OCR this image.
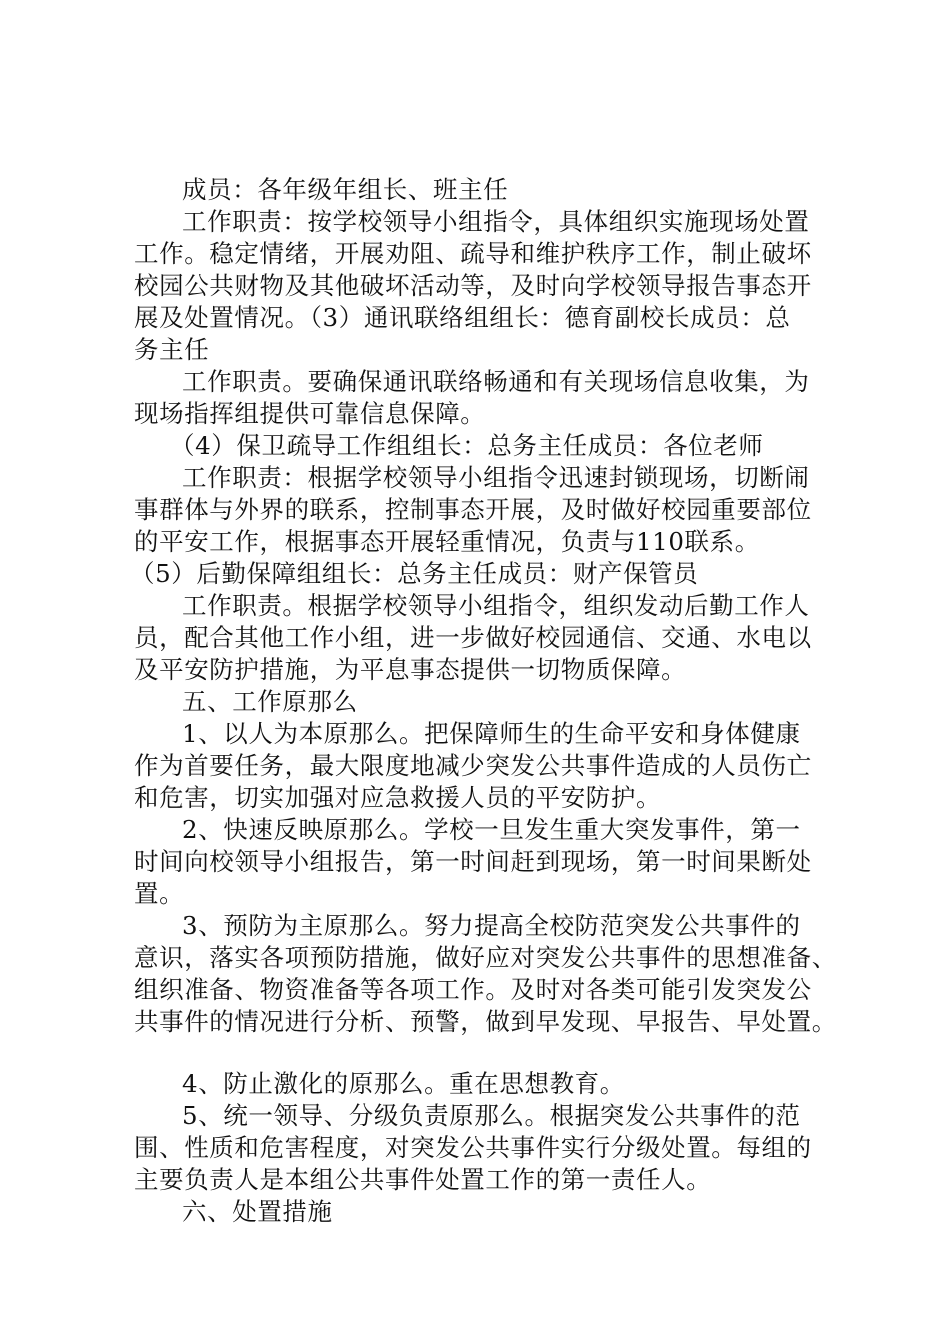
成员：各年级年组长、班主任
工作职责：按学校领导小组指令，具体组织实施现场处置
工作。稳定情绪，开展劝阻、疏导和维护秩序工作，制止破坏
校园公共财物及其他破坏活动等，及时向学校领导报告事态开
展及处置情况。（3）通讯联络组组长：德育副校长成员：总
务主任
工作职责。要确保通讯联络畅通和有关现场信息收集，为
现场指挥组提供可靠信息保障。
（4）保卫疏导工作组组长：总务主任成员：各位老师
工作职责：根据学校领导小组指令迅速封锁现场，切断闹
事群体与外界的联系，控制事态开展，及时做好校园重要部位
的平安工作，根据事态开展轻重情况，负责与110联系。
（5）后勤保障组组长：总务主任成员：财产保管员
工作职责。根据学校领导小组指令，组织发动后勤工作人
员，配合其他工作小组，进一步做好校园通信、交通、水电以
及平安防护措施，为平息事态提供一切物质保障。
五、工作原那么
1、以人为本原那么。把保障师生的生命平安和身体健康
作为首要任务，最大限度地减少突发公共事件造成的人员伤亡
和危害，切实加强对应急救援人员的平安防护。
2、快速反映原那么。学校一旦发生重大突发事件，第一
时间向校领导小组报告，第一时间赶到现场，第一时间果断处
置。
3、预防为主原那么。努力提高全校防范突发公共事件的
意识，落实各项预防措施，做好应对突发公共事件的思想准备、
组织准备、物资准备等各项工作。及时对各类可能引发突发公
共事件的情况进行分析、预警，做到早发现、早报告、早处置。
4、防止激化的原那么。重在思想教育。
5、统一领导、分级负责原那么。根据突发公共事件的范
围、性质和危害程度，对突发公共事件实行分级处置。每组的
主要负责人是本组公共事件处置工作的第一责任人。
六、处置措施
